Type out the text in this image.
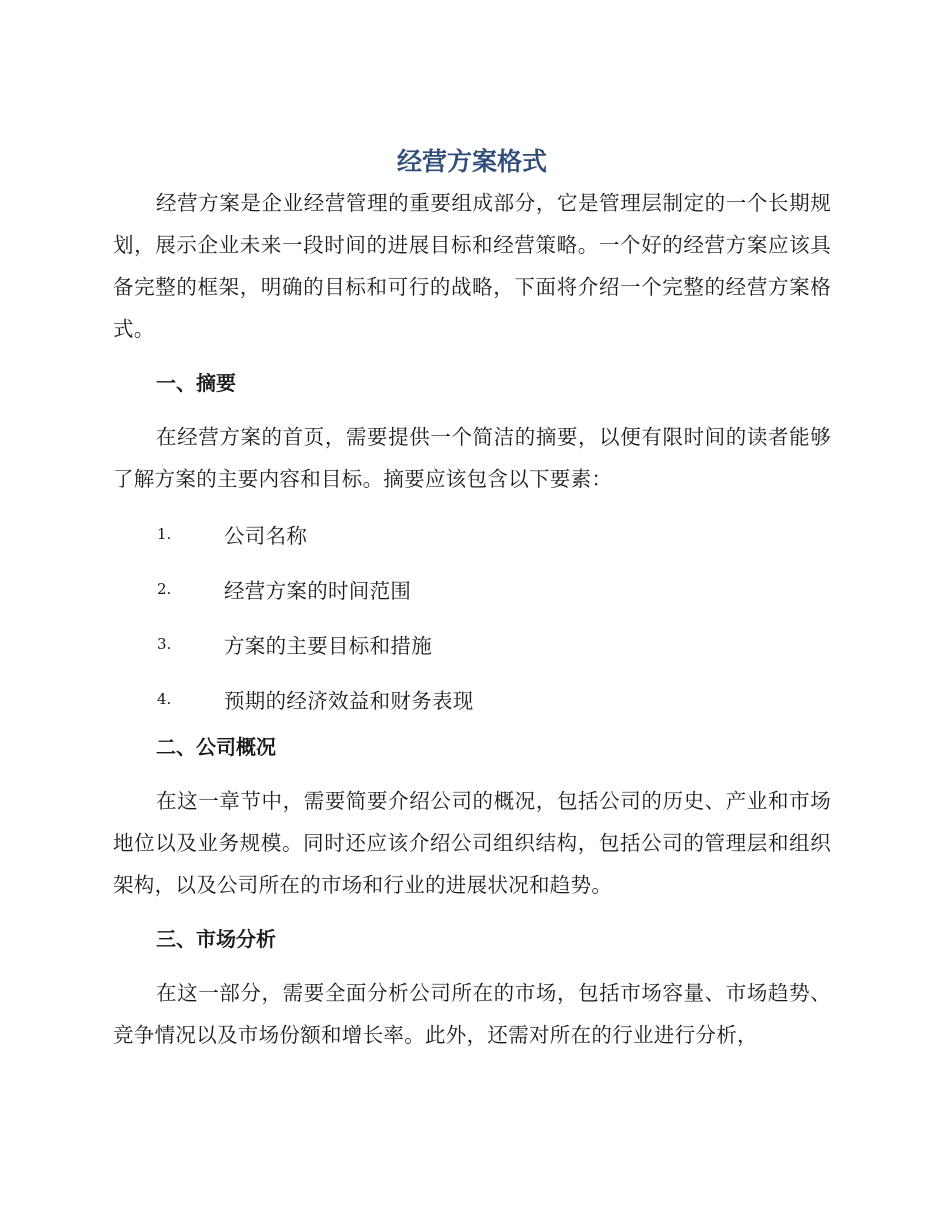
经营方案格式

经营方案是企业经营管理的重要组成部分，它是管理层制定的一个长期规划，展示企业未来一段时间的进展目标和经营策略。一个好的经营方案应该具备完整的框架，明确的目标和可行的战略，下面将介绍一个完整的经营方案格式。

一、摘要

在经营方案的首页，需要提供一个简洁的摘要，以便有限时间的读者能够了解方案的主要内容和目标。摘要应该包含以下要素：

1.	公司名称
2.	经营方案的时间范围
3.	方案的主要目标和措施
4.	预期的经济效益和财务表现
二、公司概况

在这一章节中，需要简要介绍公司的概况，包括公司的历史、产业和市场地位以及业务规模。同时还应该介绍公司组织结构，包括公司的管理层和组织架构，以及公司所在的市场和行业的进展状况和趋势。

三、市场分析

在这一部分，需要全面分析公司所在的市场，包括市场容量、市场趋势、竞争情况以及市场份额和增长率。此外，还需对所在的行业进行分析，
